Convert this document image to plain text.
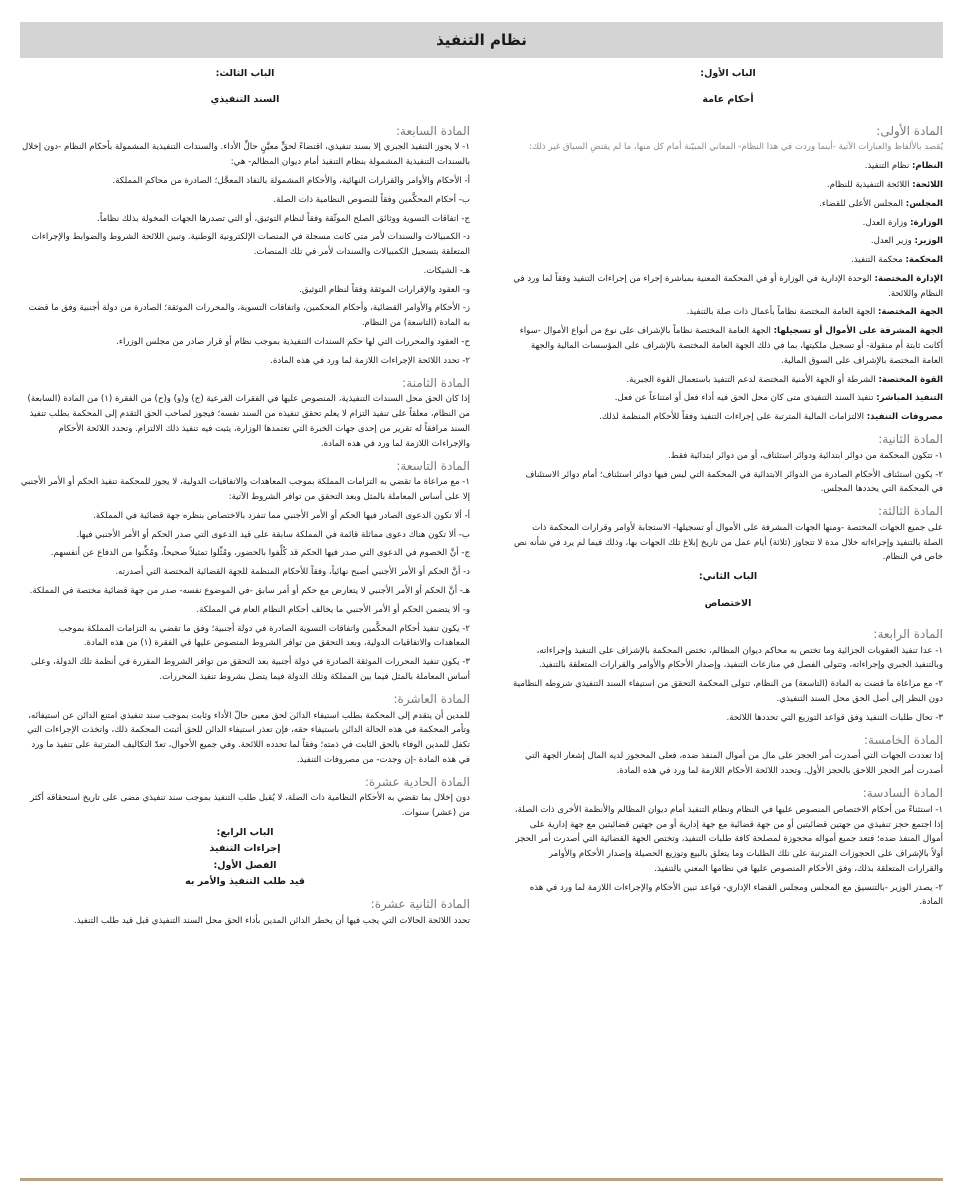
نظام التنفيذ

الباب الأول:

أحكام عامة

المادة الأولى:

يُقصد بالألفاظ والعبارات الآتية -أينما وردت في هذا النظام- المعاني المبيّنة أمام كل منها، ما لم يقتضِ السياق غير ذلك:

النظام: نظام التنفيذ.

اللائحة: اللائحة التنفيذية للنظام.

المجلس: المجلس الأعلى للقضاء.

الوزارة: وزارة العدل.

الوزير: وزير العدل.

المحكمة: محكمة التنفيذ.

الإدارة المختصة: الوحدة الإدارية في الوزارة أو في المحكمة المعنية بمباشرة إجراء من إجراءات التنفيذ وفقاً لما ورد في النظام واللائحة.

الجهة المختصة: الجهة العامة المختصة نظاماً بأعمال ذات صلة بالتنفيذ.

الجهة المشرفة على الأموال أو تسجيلها: الجهة العامة المختصة نظاماً بالإشراف على نوع من أنواع الأموال -سواء أكانت ثابتة أم منقولة- أو تسجيل ملكيتها، بما في ذلك الجهة العامة المختصة بالإشراف على المؤسسات المالية والجهة العامة المختصة بالإشراف على السوق المالية.

القوة المختصة: الشرطة أو الجهة الأمنية المختصة لدعم التنفيذ باستعمال القوة الجبرية.

التنفيذ المباشر: تنفيذ السند التنفيذي متى كان محل الحق فيه أداء فعل أو امتناعاً عن فعل.

مصروفات التنفيذ: الالتزامات المالية المترتبة على إجراءات التنفيذ وفقاً للأحكام المنظمة لذلك.

المادة الثانية:

١- تتكون المحكمة من دوائر ابتدائية ودوائر استئناف، أو من دوائر ابتدائية فقط.

٢- يكون استئناف الأحكام الصادرة من الدوائر الابتدائية في المحكمة التي ليس فيها دوائر استئناف؛ أمام دوائر الاستئناف في المحكمة التي يحددها المجلس.

المادة الثالثة:

على جميع الجهات المختصة -ومنها الجهات المشرفة على الأموال أو تسجيلها- الاستجابة لأوامر وقرارات المحكمة ذات الصلة بالتنفيذ وإجراءاته خلال مدة لا تتجاوز (ثلاثة) أيام عمل من تاريخ إبلاغ تلك الجهات بها، وذلك فيما لم يرد في شأنه نص خاص في النظام.

الباب الثاني:

الاختصاص

المادة الرابعة:

١- عدا تنفيذ العقوبات الجزائية وما تختص به محاكم ديوان المظالم، تختص المحكمة بالإشراف على التنفيذ وإجراءاته، وبالتنفيذ الجبري وإجراءاته، وتتولى الفصل في منازعات التنفيذ، وإصدار الأحكام والأوامر والقرارات المتعلقة بالتنفيذ.

٢- مع مراعاة ما قضت به المادة (التاسعة) من النظام، تتولى المحكمة التحقق من استيفاء السند التنفيذي شروطه النظامية دون النظر إلى أصل الحق محل السند التنفيذي.

٣- تحال طلبات التنفيذ وفق قواعد التوزيع التي تحددها اللائحة.

المادة الخامسة:

إذا تعددت الجهات التي أصدرت أمر الحجز على مال من أموال المنفذ ضده، فعلى المحجوز لديه المال إشعار الجهة التي أصدرت أمر الحجز اللاحق بالحجز الأول. وتحدد اللائحة الأحكام اللازمة لما ورد في هذه المادة.

المادة السادسة:

١- استثناءً من أحكام الاختصاص المنصوص عليها في النظام ونظام التنفيذ أمام ديوان المظالم والأنظمة الأخرى ذات الصلة، إذا اجتمع حجز تنفيذي من جهتين قضائيتين أو من جهة قضائية مع جهة إدارية أو من جهتين قضائيتين مع جهة إدارية على أموال المنفذ ضده؛ فتعد جميع أمواله محجوزة لمصلحة كافة طلبات التنفيذ، وتختص الجهة القضائية التي أصدرت أمر الحجز أولاً بالإشراف على الحجوزات المترتبة على تلك الطلبات وما يتعلق بالبيع وتوزيع الحصيلة وإصدار الأحكام والأوامر والقرارات المتعلقة بذلك، وفق الأحكام المنصوص عليها في نظامها المعني بالتنفيذ.

٢- يصدر الوزير -بالتنسيق مع المجلس ومجلس القضاء الإداري- قواعد تبين الأحكام والإجراءات اللازمة لما ورد في هذه المادة.

الباب الثالث:

السند التنفيذي

المادة السابعة:

١- لا يجوز التنفيذ الجبري إلا بسند تنفيذي، اقتضاءً لحقٍّ معيَّنٍ حالِّ الأداء. والسندات التنفيذية المشمولة بأحكام النظام -دون إخلال بالسندات التنفيذية المشمولة بنظام التنفيذ أمام ديوان المظالم- هي:

أ- الأحكام والأوامر والقرارات النهائية، والأحكام المشمولة بالنفاذ المعجَّل؛ الصادرة من محاكم المملكة.

ب- أحكام المحكَّمين وفقاً للنصوص النظامية ذات الصلة.

ج- اتفاقات التسوية ووثائق الصلح الموثّقة وفقاً لنظام التوثيق، أو التي تصدرها الجهات المخولة بذلك نظاماً.

د- الكمبيالات والسندات لأمر متى كانت مسجلة في المنصات الإلكترونية الوطنية. وتبين اللائحة الشروط والضوابط والإجراءات المتعلقة بتسجيل الكمبيالات والسندات لأمر في تلك المنصات.

هـ- الشيكات.

و- العقود والإقرارات الموثقة وفقاً لنظام التوثيق.

ز- الأحكام والأوامر القضائية، وأحكام المحكمين، واتفاقات التسوية، والمحررات الموثقة؛ الصادرة من دولة أجنبية وفق ما قضت به المادة (التاسعة) من النظام.

ح- العقود والمحررات التي لها حكم السندات التنفيذية بموجب نظام أو قرار صادر من مجلس الوزراء.

٢- تحدد اللائحة الإجراءات اللازمة لما ورد في هذه المادة.

المادة الثامنة:

إذا كان الحق محل السندات التنفيذية، المنصوص عليها في الفقرات الفرعية (ج) و(و) و(ح) من الفقرة (١) من المادة (السابعة) من النظام، معلقاً على تنفيذ التزام لا يعلم تحقق تنفيذه من السند نفسه؛ فيجوز لصاحب الحق التقدم إلى المحكمة بطلب تنفيذ السند مرافقاً له تقرير من إحدى جهات الخبرة التي تعتمدها الوزارة، يثبت فيه تنفيذ ذلك الالتزام. وتحدد اللائحة الأحكام والإجراءات اللازمة لما ورد في هذه المادة.

المادة التاسعة:

١- مع مراعاة ما تقضي به التزامات المملكة بموجب المعاهدات والاتفاقيات الدولية، لا يجوز للمحكمة تنفيذ الحكم أو الأمر الأجنبي إلا على أساس المعاملة بالمثل وبعد التحقق من توافر الشروط الآتية:

أ- ألا تكون الدعوى الصادر فيها الحكم أو الأمر الأجنبي مما تنفرد بالاختصاص بنظره جهة قضائية في المملكة.

ب- ألا تكون هناك دعوى مماثلة قائمة في المملكة سابقة على قيد الدعوى التي صدر الحكم أو الأمر الأجنبي فيها.

ج- أنَّ الخصوم في الدعوى التي صدر فيها الحكم قد كُلِّفوا بالحضور، ومُثِّلوا تمثيلاً صحيحاً، ومُكِّنوا من الدفاع عن أنفسهم.

د- أنَّ الحكم أو الأمر الأجنبي أصبح نهائياً، وفقاً للأحكام المنظمة للجهة القضائية المختصة التي أصدرته.

هـ- أنَّ الحكم أو الأمر الأجنبي لا يتعارض مع حكم أو أمر سابق -في الموضوع نفسه- صدر من جهة قضائية مختصة في المملكة.

و- ألا يتضمن الحكم أو الأمر الأجنبي ما يخالف أحكام النظام العام في المملكة.

٢- يكون تنفيذ أحكام المحكَّمين واتفاقات التسوية الصادرة في دولة أجنبية؛ وفق ما تقضي به التزامات المملكة بموجب المعاهدات والاتفاقيات الدولية، وبعد التحقق من توافر الشروط المنصوص عليها في الفقرة (١) من هذه المادة.

٣- يكون تنفيذ المحررات الموثقة الصادرة في دولة أجنبية بعد التحقق من توافر الشروط المقررة في أنظمة تلك الدولة، وعلى أساس المعاملة بالمثل فيما بين المملكة وتلك الدولة فيما يتصل بشروط تنفيذ المحررات.

المادة العاشرة:

للمدين أن يتقدم إلى المحكمة بطلب استيفاء الدائن لحق معين حالّ الأداء وثابت بموجب سند تنفيذي امتنع الدائن عن استيفائه، وتأمر المحكمة في هذه الحالة الدائن باستيفاء حقه، فإن تعذر استيفاء الدائن للحق أثبتت المحكمة ذلك، واتخذت الإجراءات التي تكفل للمدين الوفاء بالحق الثابت في ذمته؛ وفقاً لما تحدده اللائحة. وفي جميع الأحوال، تعدّ التكاليف المترتبة على تنفيذ ما ورد في هذه المادة -إن وجدت- من مصروفات التنفيذ.

المادة الحادية عشرة:

دون إخلال بما تقضي به الأحكام النظامية ذات الصلة، لا يُقبل طلب التنفيذ بموجب سند تنفيذي مضى على تاريخ استحقاقه أكثر من (عشر) سنوات.

الباب الرابع:

إجراءات التنفيذ

الفصل الأول:

قيد طلب التنفيذ والأمر به

المادة الثانية عشرة:

تحدد اللائحة الحالات التي يجب فيها أن يخطر الدائن المدين بأداء الحق محل السند التنفيذي قبل قيد طلب التنفيذ.
